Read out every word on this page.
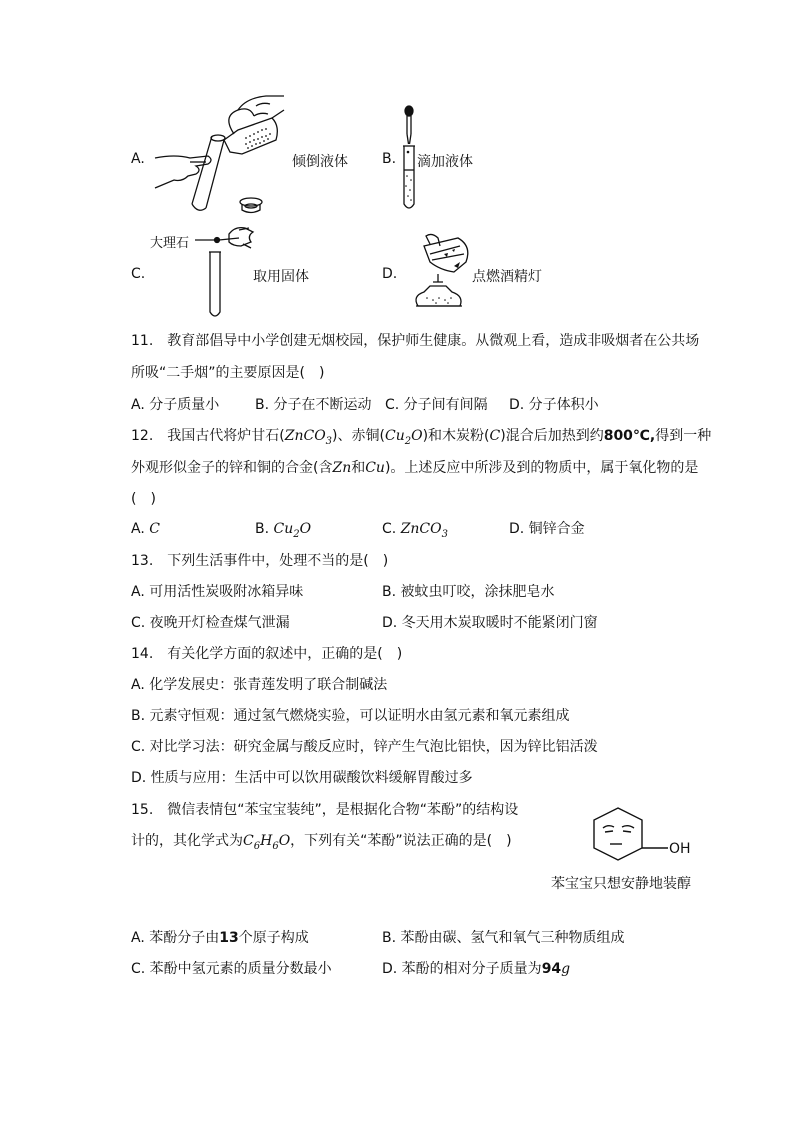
A.	倾倒液体 B. 滴加液体
C.
大理石
取用固体	D.	点燃酒精灯
11.　教育部倡导中小学创建无烟校园，保护师生健康。从微观上看，造成非吸烟者在公共场
所吸“二手烟”的主要原因是(　)
A. 分子质量小	B. 分子在不断运动 C. 分子间有间隔 D. 分子体积小
12.　我国古代将炉甘石(ZnCO$_3$)、赤铜$(Cu_2O)$和木炭粉(C)混合后加热到约800℃,得到一种
外观形似金子的锌和铜的合金(含Zn和Cu)。上述反应中所涉及到的物质中，属于氧化物的是
(　)
A. C	B. $Cu_2O$	C. ZnCO$_3$	D. 铜锌合金
13.　下列生活事件中，处理不当的是(　)
A. 可用活性炭吸附冰箱异味	B. 被蚊虫叮咬，涂抹肥皂水
C. 夜晚开灯检查煤气泄漏	D. 冬天用木炭取暖时不能紧闭门窗
14.　有关化学方面的叙述中，正确的是(　)
A. 化学发展史：张青莲发明了联合制碱法
B. 元素守恒观：通过氢气燃烧实验，可以证明水由氢元素和氧元素组成
C. 对比学习法：研究金属与酸反应时，锌产生气泡比铝快，因为锌比铝活泼
D. 性质与应用：生活中可以饮用碳酸饮料缓解胃酸过多
15.　微信表情包“苯宝宝装纯”，是根据化合物“苯酚”的结构设
计的，其化学式为$C_6H_6O$，下列有关“苯酚”说法正确的是(　)	OH
苯宝宝只想安静地装醇
A. 苯酚分子由13个原子构成	B. 苯酚由碳、氢气和氧气三种物质组成
C. 苯酚中氢元素的质量分数最小	D. 苯酚的相对分子质量为94g
